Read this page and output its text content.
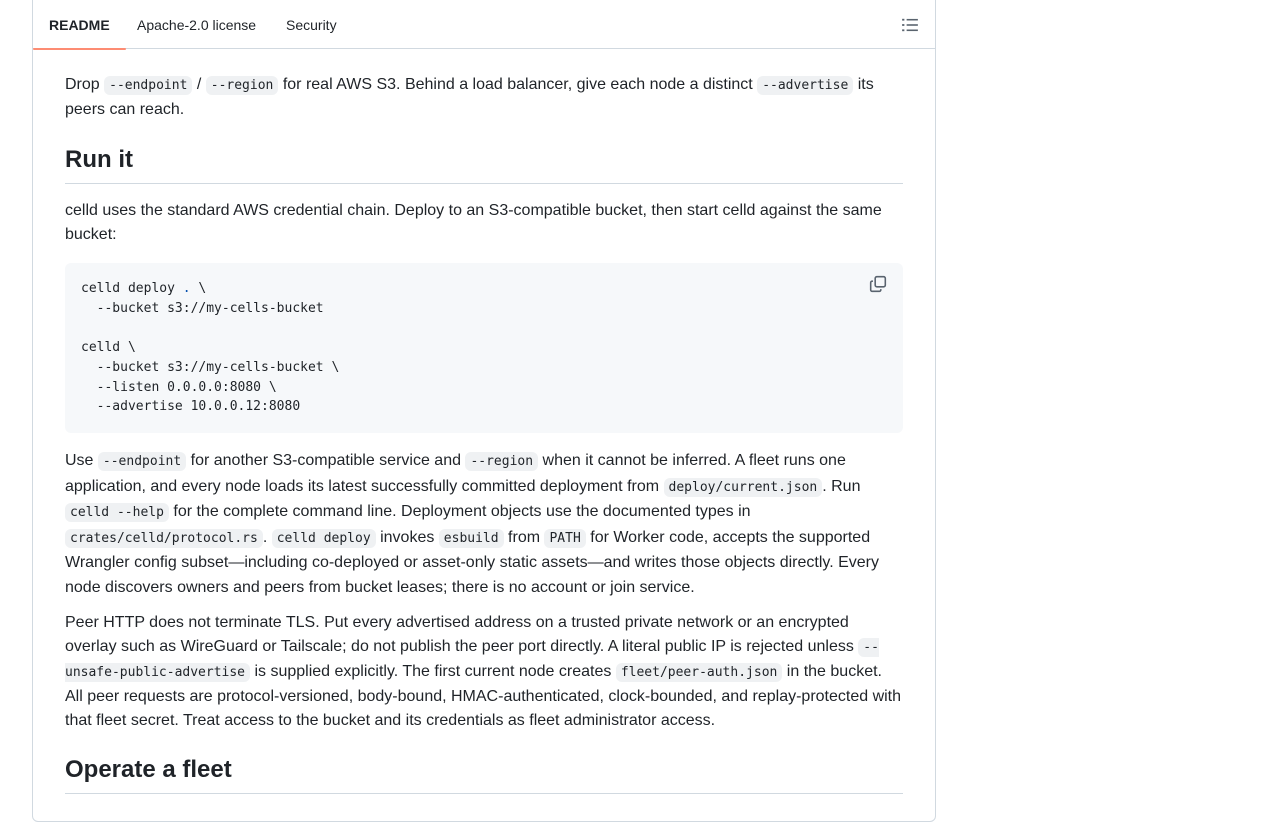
README	Apache-2.0 license	Security

Drop --endpoint / --region for real AWS S3. Behind a load balancer, give each node a distinct --advertise its peers can reach.

Run it

celld uses the standard AWS credential chain. Deploy to an S3-compatible bucket, then start celld against the same bucket:

celld deploy . \
--bucket s3://my-cells-bucket

celld \
--bucket s3://my-cells-bucket \
--listen 0.0.0.0:8080 \
--advertise 10.0.0.12:8080

Use --endpoint for another S3-compatible service and --region when it cannot be inferred. A fleet runs one application, and every node loads its latest successfully committed deployment from deploy/current.json . Run celld --help for the complete command line. Deployment objects use the documented types in crates/celld/protocol.rs . celld deploy invokes esbuild from PATH for Worker code, accepts the supported Wrangler config subset—including co-deployed or asset-only static assets—and writes those objects directly. Every node discovers owners and peers from bucket leases; there is no account or join service.

Peer HTTP does not terminate TLS. Put every advertised address on a trusted private network or an encrypted overlay such as WireGuard or Tailscale; do not publish the peer port directly. A literal public IP is rejected unless --unsafe-public-advertise is supplied explicitly. The first current node creates fleet/peer-auth.json in the bucket. All peer requests are protocol-versioned, body-bound, HMAC-authenticated, clock-bounded, and replay-protected with that fleet secret. Treat access to the bucket and its credentials as fleet administrator access.

Operate a fleet
